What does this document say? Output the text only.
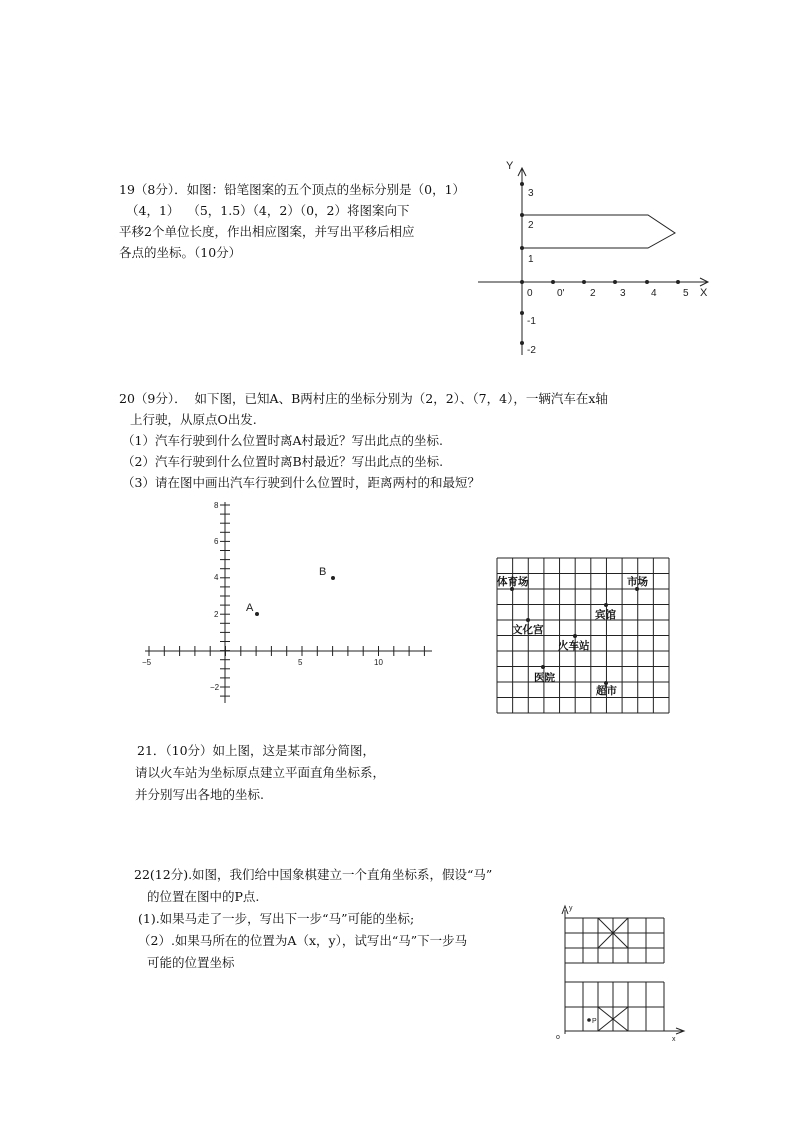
19（8分）．如图：铅笔图案的五个顶点的坐标分别是（0，1）
（4，1）  （5，1.5）（4，2）（0，2）将图案向下
平移2个单位长度，作出相应图案，并写出平移后相应
各点的坐标。（10分）
Y
X
0 0'	2 3	4	5
3
2
1
-1
-2
20（9分）．  如下图，已知A、B两村庄的坐标分别为（2，2）、（7，4），一辆汽车在x轴
上行驶，从原点O出发.
（1）汽车行驶到什么位置时离A村最近？写出此点的坐标.
（2）汽车行驶到什么位置时离B村最近？写出此点的坐标.
（3）请在图中画出汽车行驶到什么位置时，距离两村的和最短？
−5	5	10
8
6
4
2
−2
A
B
体育场	市场
宾馆
文化宫
火车站
医院
超市
21．（10分）如上图，这是某市部分简图，
请以火车站为坐标原点建立平面直角坐标系，
并分别写出各地的坐标.
22(12分).如图，我们给中国象棋建立一个直角坐标系，假设“马”
的位置在图中的P点.
(1).如果马走了一步，写出下一步“马”可能的坐标;
（2）.如果马所在的位置为A（x，y），试写出“马”下一步马
可能的位置坐标
y
x
o
P
